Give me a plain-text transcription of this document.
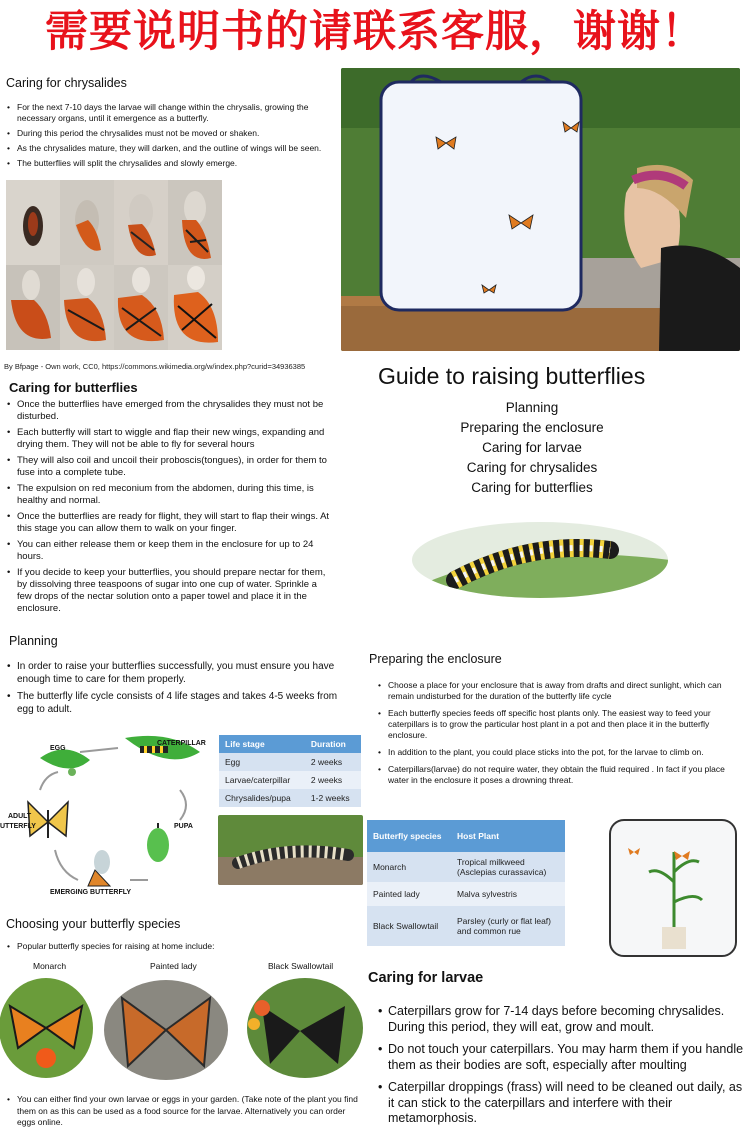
需要说明书的请联系客服，谢谢！
Caring for chrysalides
• For the next 7-10 days the larvae will change within the chrysalis, growing the necessary organs, until it emergence as a butterfly.
• During this period the chrysalides must not be moved or shaken.
• As the chrysalides mature, they will darken, and the outline of wings will be seen.
• The butterflies will split the chrysalides and slowly emerge.
By Bfpage - Own work, CC0, https://commons.wikimedia.org/w/index.php?curid=34936385
Caring for butterflies
• Once the butterflies have emerged from the chrysalides they must not be disturbed.
• Each butterfly will start to wiggle and flap their new wings, expanding and drying them. They will not be able to fly for several hours
• They will also coil and uncoil their proboscis(tongues), in order for them to fuse into a complete tube.
• The expulsion on red meconium from the abdomen, during this time, is healthy and normal.
• Once the butterflies are ready for flight, they will start to flap their wings. At this stage you can allow them to walk on your finger.
• You can either release them or keep them in the enclosure for up to 24 hours.
• If you decide to keep your butterflies, you should prepare nectar for them, by dissolving three teaspoons of sugar into one cup of water. Sprinkle a few drops of the nectar solution onto a paper towel and place it in the enclosure.
Guide to raising butterflies
Planning
Preparing the enclosure
Caring for larvae
Caring for chrysalides
Caring for butterflies
Planning
• In order to raise your butterflies successfully, you must ensure you have enough time to care for them properly.
• The butterfly life cycle consists of 4 life stages and takes 4-5 weeks from egg to adult.
EGG
CATERPILLAR
PUPA
EMERGING BUTTERFLY
ADULT
UTTERFLY
Life stage	Duration
Egg	2 weeks
Larvae/caterpillar	2 weeks
Chrysalides/pupa	1-2 weeks
Preparing the enclosure
• Choose a place for your enclosure that is away from drafts and direct sunlight, which can remain undisturbed for the duration of the butterfly life cycle
• Each butterfly species feeds off specific host plants only. The easiest way to feed your caterpillars is to grow the particular host plant in a pot and then place it in the butterfly enclosure.
• In addition to the plant, you could place sticks into the pot, for the larvae to climb on.
• Caterpillars(larvae) do not require water, they obtain the fluid required . In fact if you place water in the enclosure it poses a drowning threat.
Butterfly species	Host Plant
Monarch	Tropical milkweed (Asclepias curassavica)
Painted lady	Malva sylvestris
Black Swallowtail	Parsley (curly or flat leaf) and common rue
Choosing your butterfly species
• Popular butterfly species for raising at home include:
Monarch	Painted lady	Black Swallowtail
• You can either find your own larvae or eggs in your garden. (Take note of the plant you find them on as this can be used as a food source for the larvae. Alternatively you can order eggs online.
Caring for larvae
• Caterpillars grow for 7-14 days before becoming chrysalides. During this period, they will eat, grow and moult.
• Do not touch your caterpillars. You may harm them if you handle them as their bodies are soft, especially after moulting
• Caterpillar droppings (frass) will need to be cleaned out daily, as it can stick to the caterpillars and interfere with their metamorphosis.
